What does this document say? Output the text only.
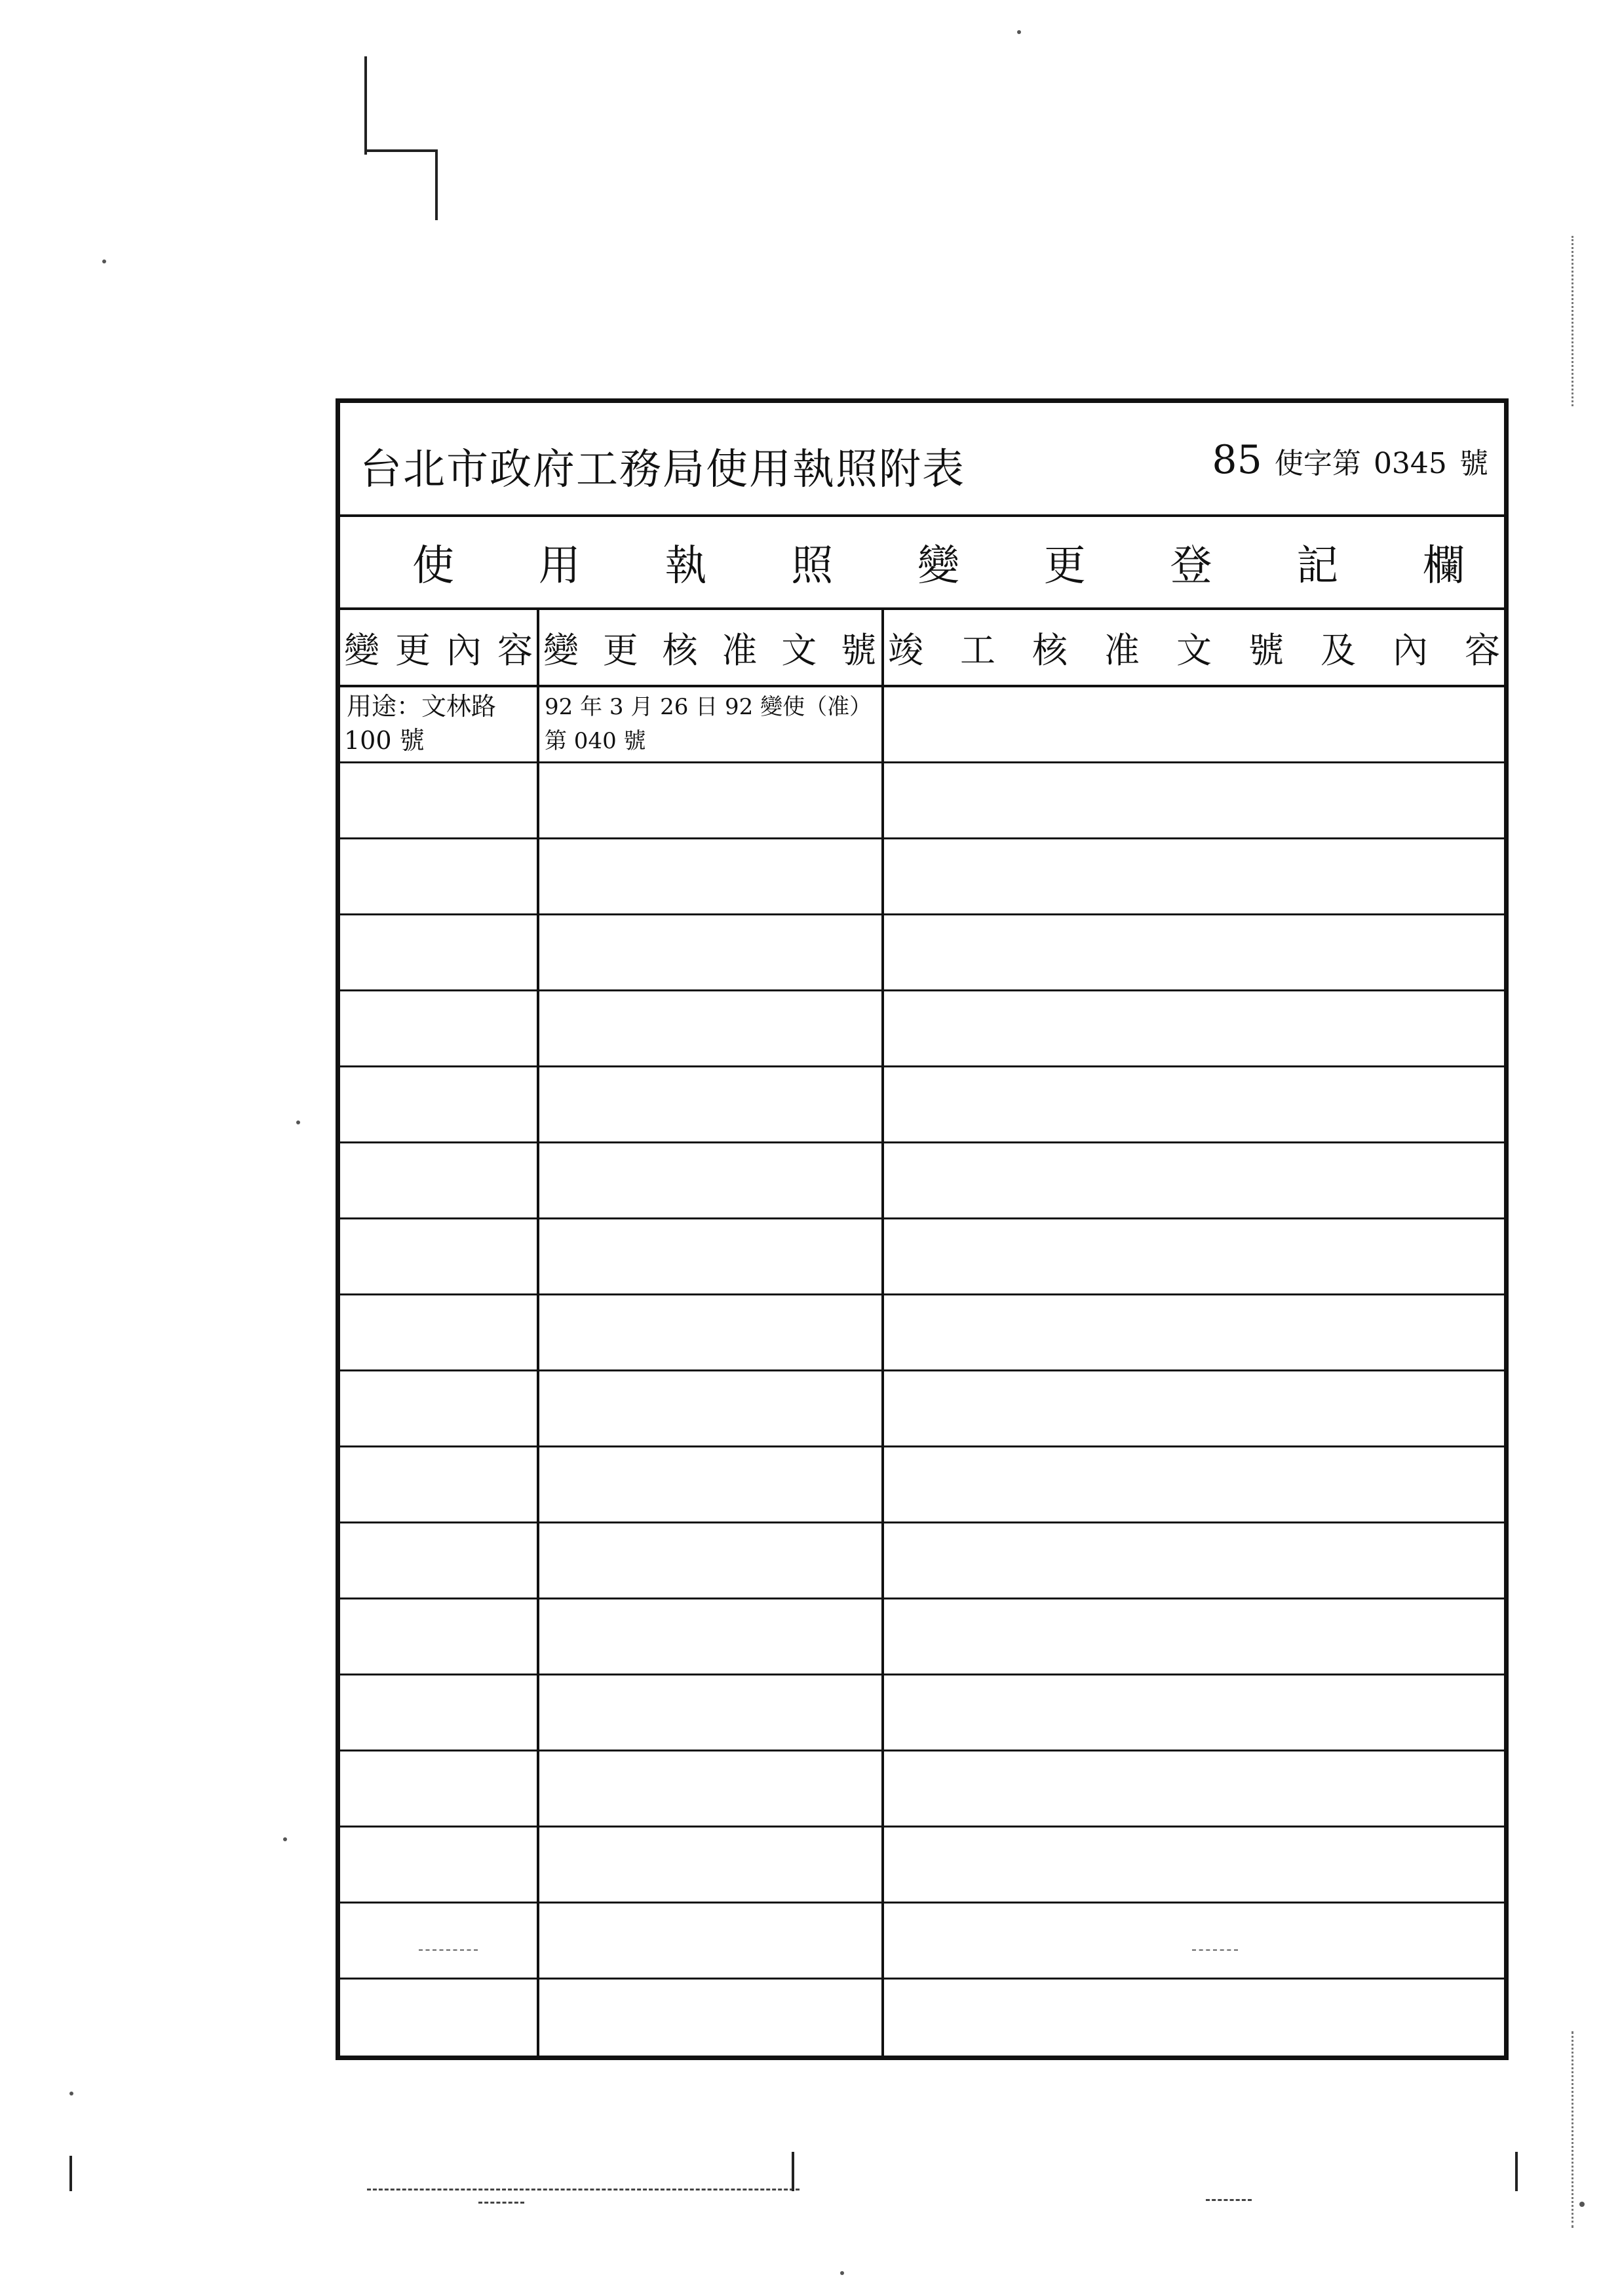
台北市政府工務局使用執照附表	85 使字第 0345 號
使 用 執 照 變 更 登 記 欄
變 更 內 容 變 更 核 准 文 號 竣 工 核 准 文 號 及 內 容
用途：文林路
100 號
92 年 3 月 26 日 92 變使（准）
第 040 號
